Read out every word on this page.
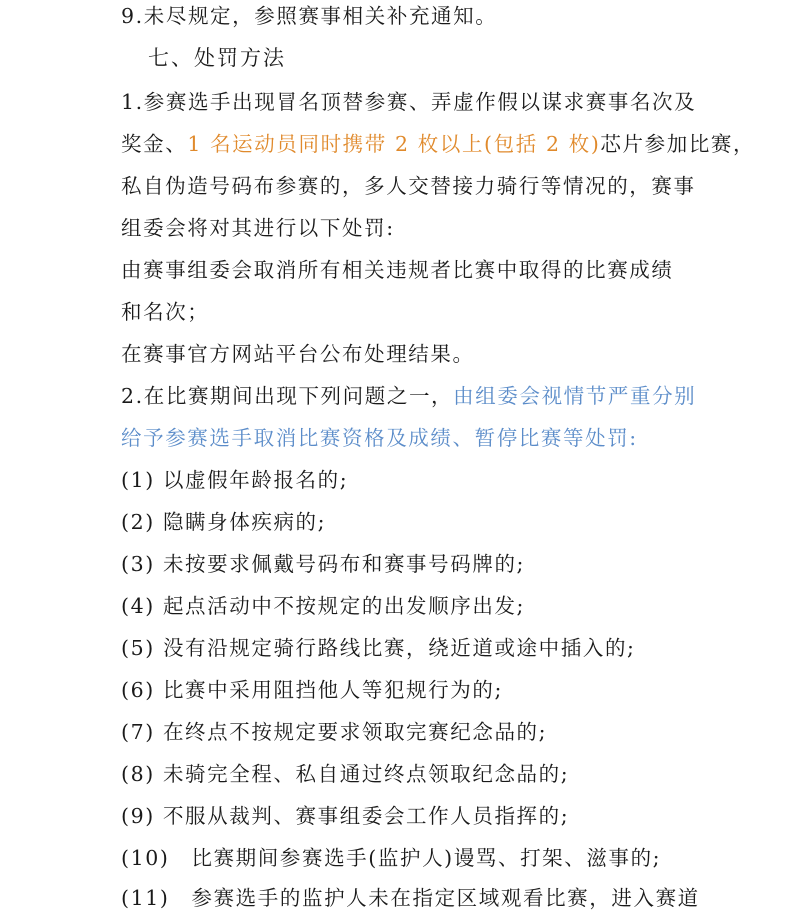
9.未尽规定，参照赛事相关补充通知。

七、处罚方法

1.参赛选手出现冒名顶替参赛、弄虚作假以谋求赛事名次及

奖金、1 名运动员同时携带 2 枚以上(包括 2 枚)芯片参加比赛，

私自伪造号码布参赛的，多人交替接力骑行等情况的，赛事

组委会将对其进行以下处罚:

由赛事组委会取消所有相关违规者比赛中取得的比赛成绩

和名次；

在赛事官方网站平台公布处理结果。

2.在比赛期间出现下列问题之一，由组委会视情节严重分别

给予参赛选手取消比赛资格及成绩、暂停比赛等处罚:

(1) 以虚假年龄报名的;

(2) 隐瞒身体疾病的;

(3) 未按要求佩戴号码布和赛事号码牌的;

(4) 起点活动中不按规定的出发顺序出发;

(5) 没有沿规定骑行路线比赛，绕近道或途中插入的;

(6) 比赛中采用阻挡他人等犯规行为的;

(7) 在终点不按规定要求领取完赛纪念品的;

(8) 未骑完全程、私自通过终点领取纪念品的;

(9) 不服从裁判、赛事组委会工作人员指挥的;

(10) 比赛期间参赛选手(监护人)谩骂、打架、滋事的;

(11) 参赛选手的监护人未在指定区域观看比赛，进入赛道
